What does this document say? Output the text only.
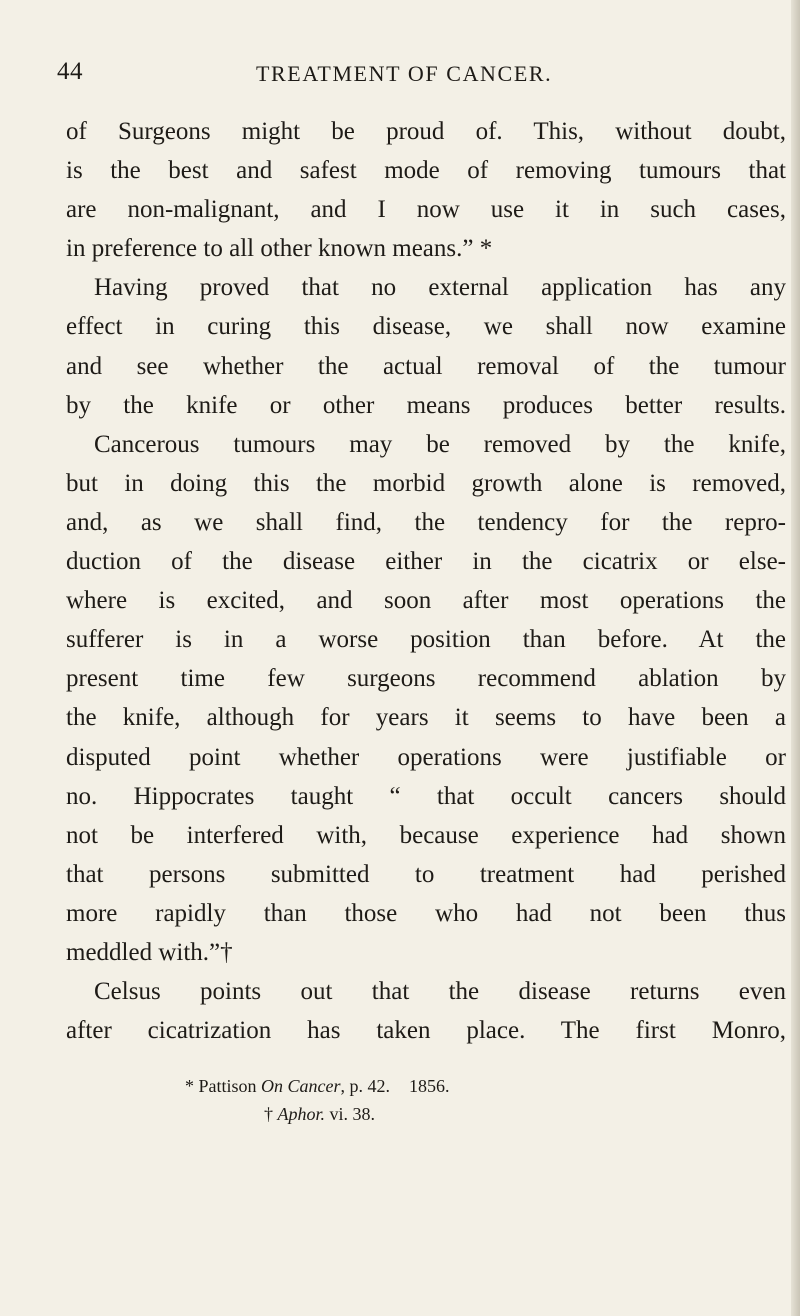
44	TREATMENT OF CANCER.
of Surgeons might be proud of. This, without doubt,
is the best and safest mode of removing tumours that
are non-malignant, and I now use it in such cases,
in preference to all other known means.” *
Having proved that no external application has any
effect in curing this disease, we shall now examine
and see whether the actual removal of the tumour
by the knife or other means produces better results.
Cancerous tumours may be removed by the knife,
but in doing this the morbid growth alone is removed,
and, as we shall find, the tendency for the repro-
duction of the disease either in the cicatrix or else-
where is excited, and soon after most operations the
sufferer is in a worse position than before. At the
present time few surgeons recommend ablation by
the knife, although for years it seems to have been a
disputed point whether operations were justifiable or
no. Hippocrates taught “ that occult cancers should
not be interfered with, because experience had shown
that persons submitted to treatment had perished
more rapidly than those who had not been thus
meddled with.”†
Celsus points out that the disease returns even
after cicatrization has taken place. The first Monro,
* Pattison On Cancer, p. 42. 1856.
† Aphor. vi. 38.
